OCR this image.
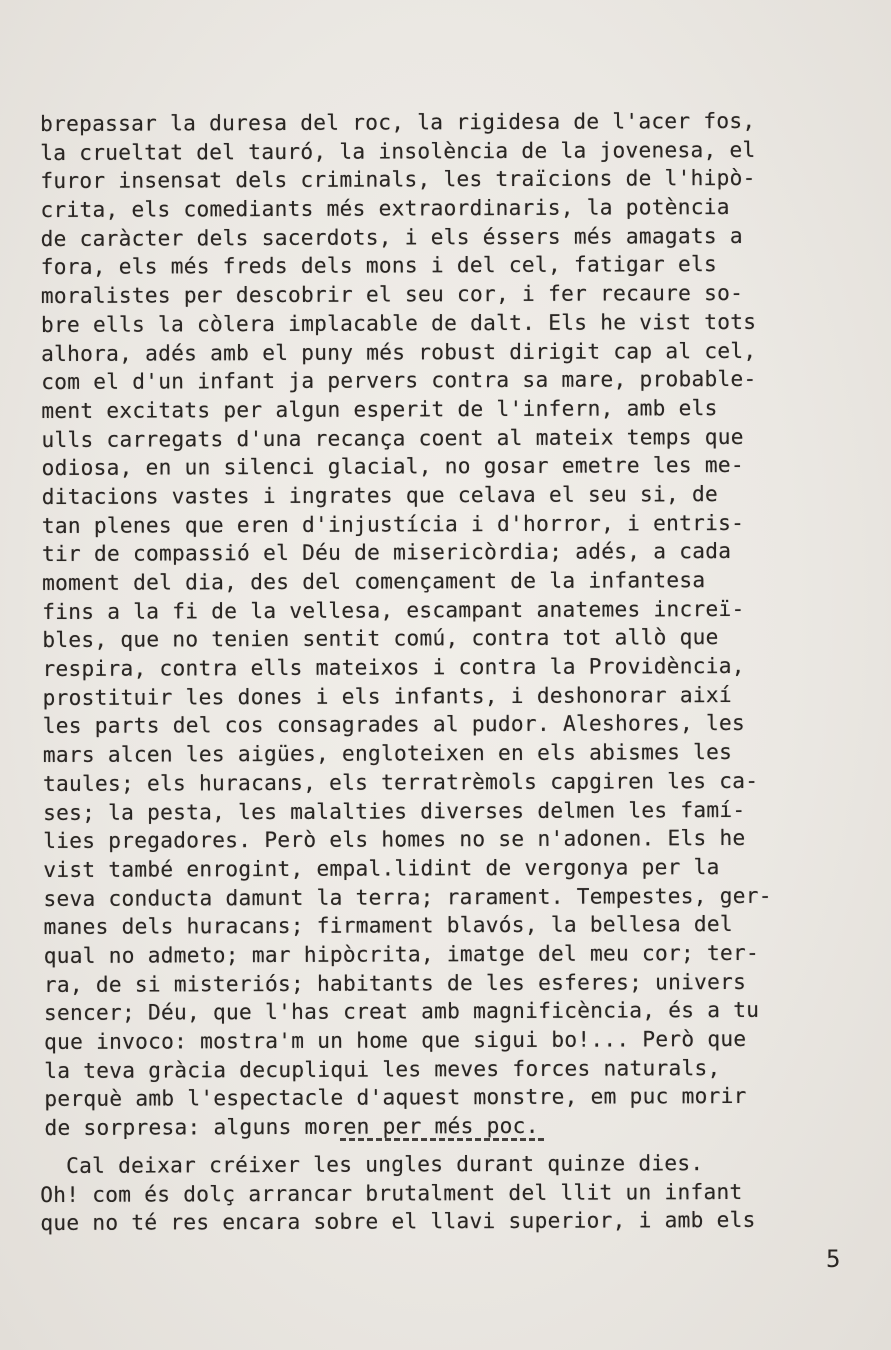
brepassar la duresa del roc, la rigidesa de l'acer fos,
la crueltat del tauró, la insolència de la jovenesa, el
furor insensat dels criminals, les traïcions de l'hipò-
crita, els comediants més extraordinaris, la potència
de caràcter dels sacerdots, i els éssers més amagats a
fora, els més freds dels mons i del cel, fatigar els
moralistes per descobrir el seu cor, i fer recaure so-
bre ells la còlera implacable de dalt. Els he vist tots
alhora, adés amb el puny més robust dirigit cap al cel,
com el d'un infant ja pervers contra sa mare, probable-
ment excitats per algun esperit de l'infern, amb els
ulls carregats d'una recança coent al mateix temps que
odiosa, en un silenci glacial, no gosar emetre les me-
ditacions vastes i ingrates que celava el seu si, de
tan plenes que eren d'injustícia i d'horror, i entris-
tir de compassió el Déu de misericòrdia; adés, a cada
moment del dia, des del començament de la infantesa
fins a la fi de la vellesa, escampant anatemes increï-
bles, que no tenien sentit comú, contra tot allò que
respira, contra ells mateixos i contra la Providència,
prostituir les dones i els infants, i deshonorar així
les parts del cos consagrades al pudor. Aleshores, les
mars alcen les aigües, engloteixen en els abismes les
taules; els huracans, els terratrèmols capgiren les ca-
ses; la pesta, les malalties diverses delmen les famí-
lies pregadores. Però els homes no se n'adonen. Els he
vist també enrogint, empal.lidint de vergonya per la
seva conducta damunt la terra; rarament. Tempestes, ger-
manes dels huracans; firmament blavós, la bellesa del
qual no admeto; mar hipòcrita, imatge del meu cor; ter-
ra, de si misteriós; habitants de les esferes; univers
sencer; Déu, que l'has creat amb magnificència, és a tu
que invoco: mostra'm un home que sigui bo!... Però que
la teva gràcia decupliqui les meves forces naturals,
perquè amb l'espectacle d'aquest monstre, em puc morir
de sorpresa: alguns moren per més poc.
Cal deixar créixer les ungles durant quinze dies.
Oh! com és dolç arrancar brutalment del llit un infant
que no té res encara sobre el llavi superior, i amb els
5
